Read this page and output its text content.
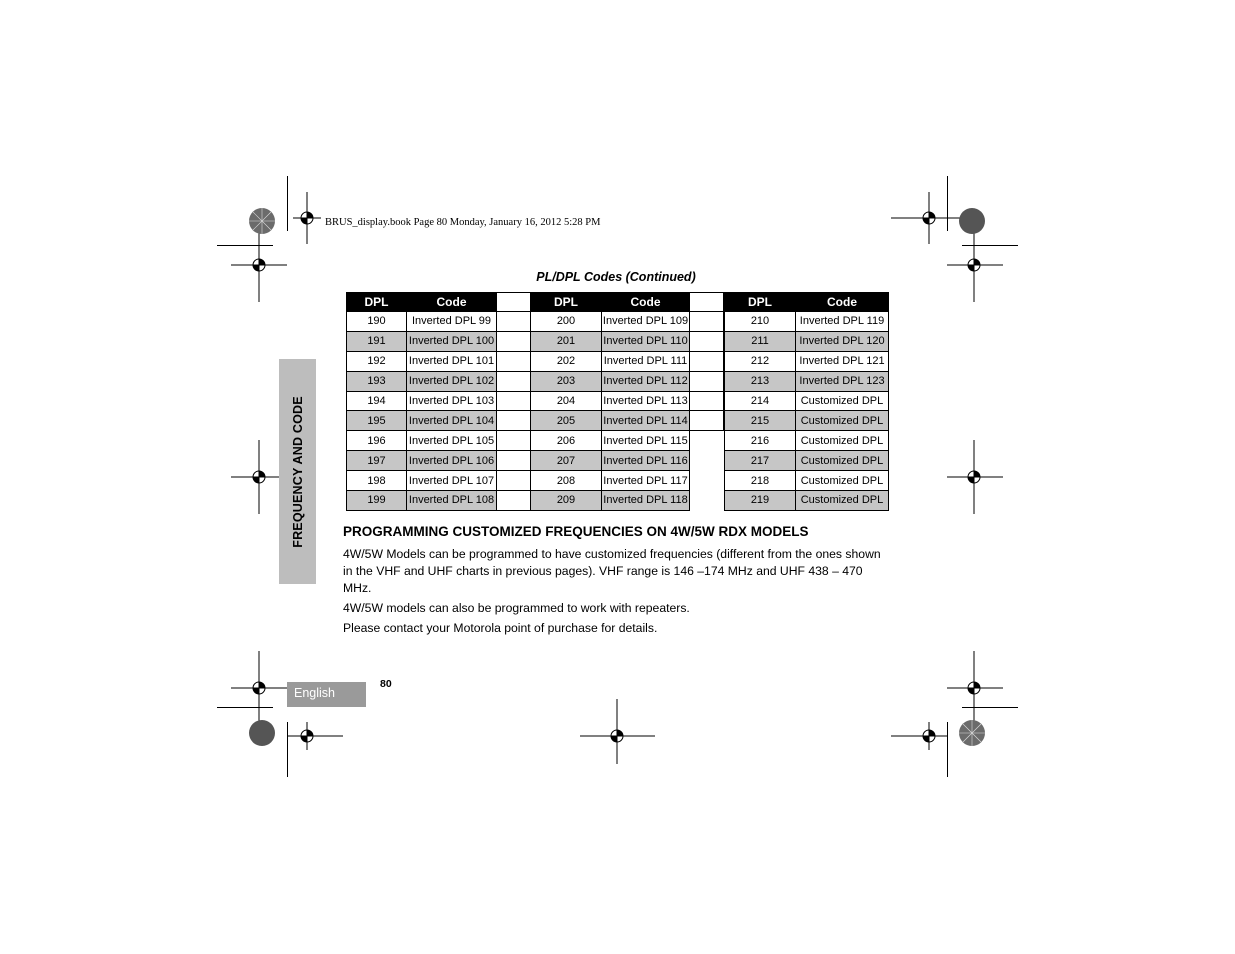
BRUS_display.book Page 80 Monday, January 16, 2012 5:28 PM
FREQUENCY AND CODE
PL/DPL Codes (Continued)
DPL	Code	
190	Inverted DPL 99	
191	Inverted DPL 100	
192	Inverted DPL 101	
193	Inverted DPL 102	
194	Inverted DPL 103	
195	Inverted DPL 104	
196	Inverted DPL 105	
197	Inverted DPL 106	
198	Inverted DPL 107	
199	Inverted DPL 108	
DPL	Code	
200	Inverted DPL 109	
201	Inverted DPL 110	
202	Inverted DPL 111	
203	Inverted DPL 112	
204	Inverted DPL 113	
205	Inverted DPL 114	
206	Inverted DPL 115	
207	Inverted DPL 116	
208	Inverted DPL 117	
209	Inverted DPL 118	
DPL	Code
210	Inverted DPL 119
211	Inverted DPL 120
212	Inverted DPL 121
213	Inverted DPL 123
214	Customized DPL
215	Customized DPL
216	Customized DPL
217	Customized DPL
218	Customized DPL
219	Customized DPL
PROGRAMMING CUSTOMIZED FREQUENCIES ON 4W/5W RDX MODELS
4W/5W Models can be programmed to have customized frequencies (different from the ones shown in the VHF and UHF charts in previous pages). VHF range is 146 –174 MHz and UHF 438 – 470 MHz.
4W/5W models can also be programmed to work with repeaters.
Please contact your Motorola point of purchase for details.
English
80
